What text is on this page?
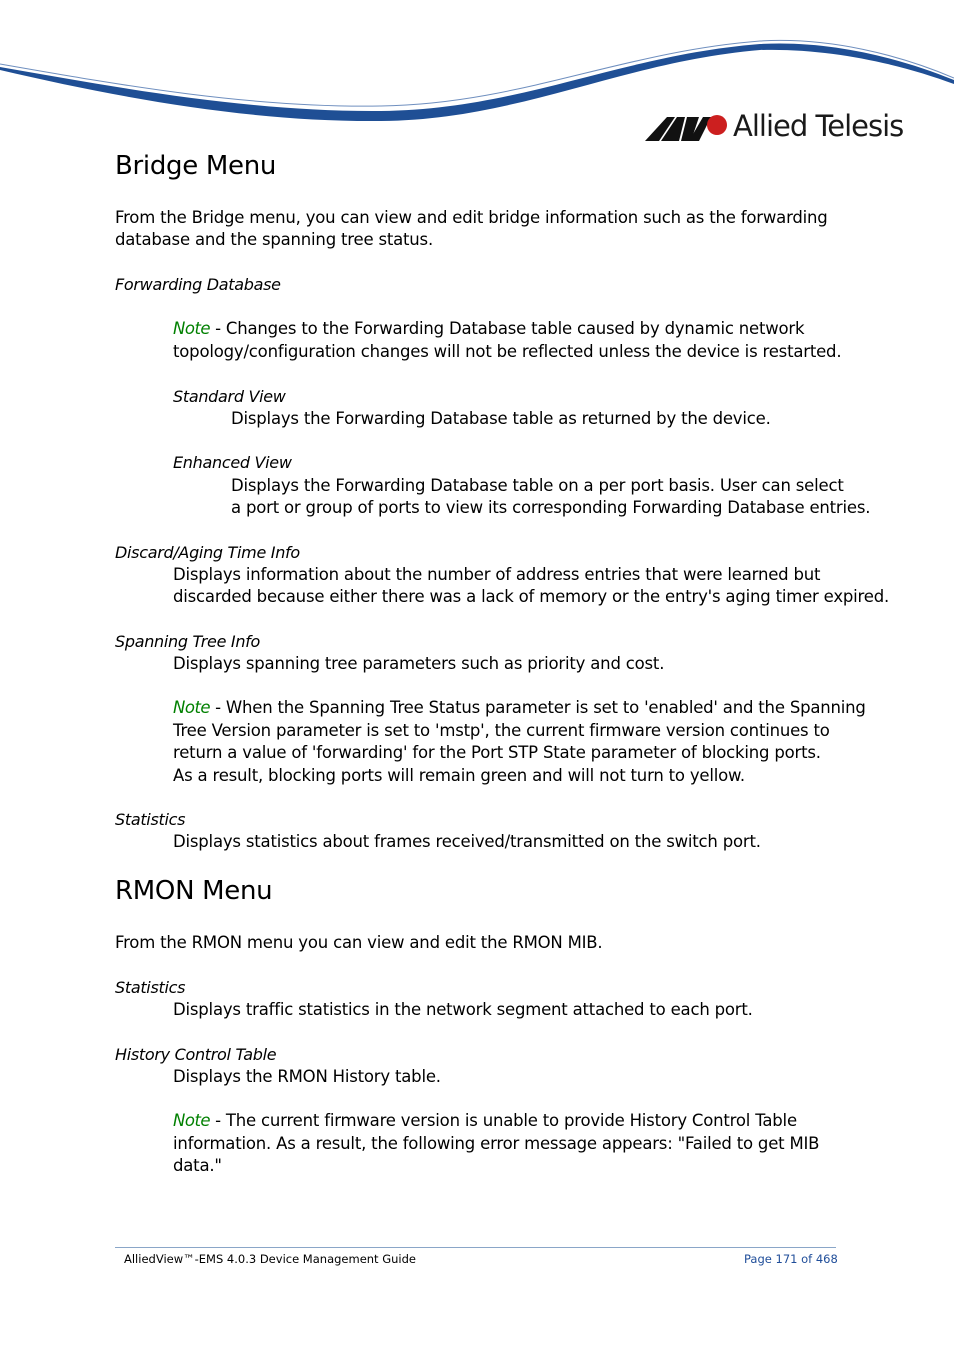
Allied Telesis
Bridge Menu
From the Bridge menu, you can view and edit bridge information such as the forwarding
database and the spanning tree status.
Forwarding Database
Note - Changes to the Forwarding Database table caused by dynamic network
topology/configuration changes will not be reflected unless the device is restarted.
Standard View
Displays the Forwarding Database table as returned by the device.
Enhanced View
Displays the Forwarding Database table on a per port basis. User can select
a port or group of ports to view its corresponding Forwarding Database entries.
Discard/Aging Time Info
Displays information about the number of address entries that were learned but
discarded because either there was a lack of memory or the entry's aging timer expired.
Spanning Tree Info
Displays spanning tree parameters such as priority and cost.
Note - When the Spanning Tree Status parameter is set to 'enabled' and the Spanning
Tree Version parameter is set to 'mstp', the current firmware version continues to
return a value of 'forwarding' for the Port STP State parameter of blocking ports.
As a result, blocking ports will remain green and will not turn to yellow.
Statistics
Displays statistics about frames received/transmitted on the switch port.
RMON Menu
From the RMON menu you can view and edit the RMON MIB.
Statistics
Displays traffic statistics in the network segment attached to each port.
History Control Table
Displays the RMON History table.
Note - The current firmware version is unable to provide History Control Table
information. As a result, the following error message appears: "Failed to get MIB
data."
AlliedView™-EMS 4.0.3 Device Management Guide	Page 171 of 468
